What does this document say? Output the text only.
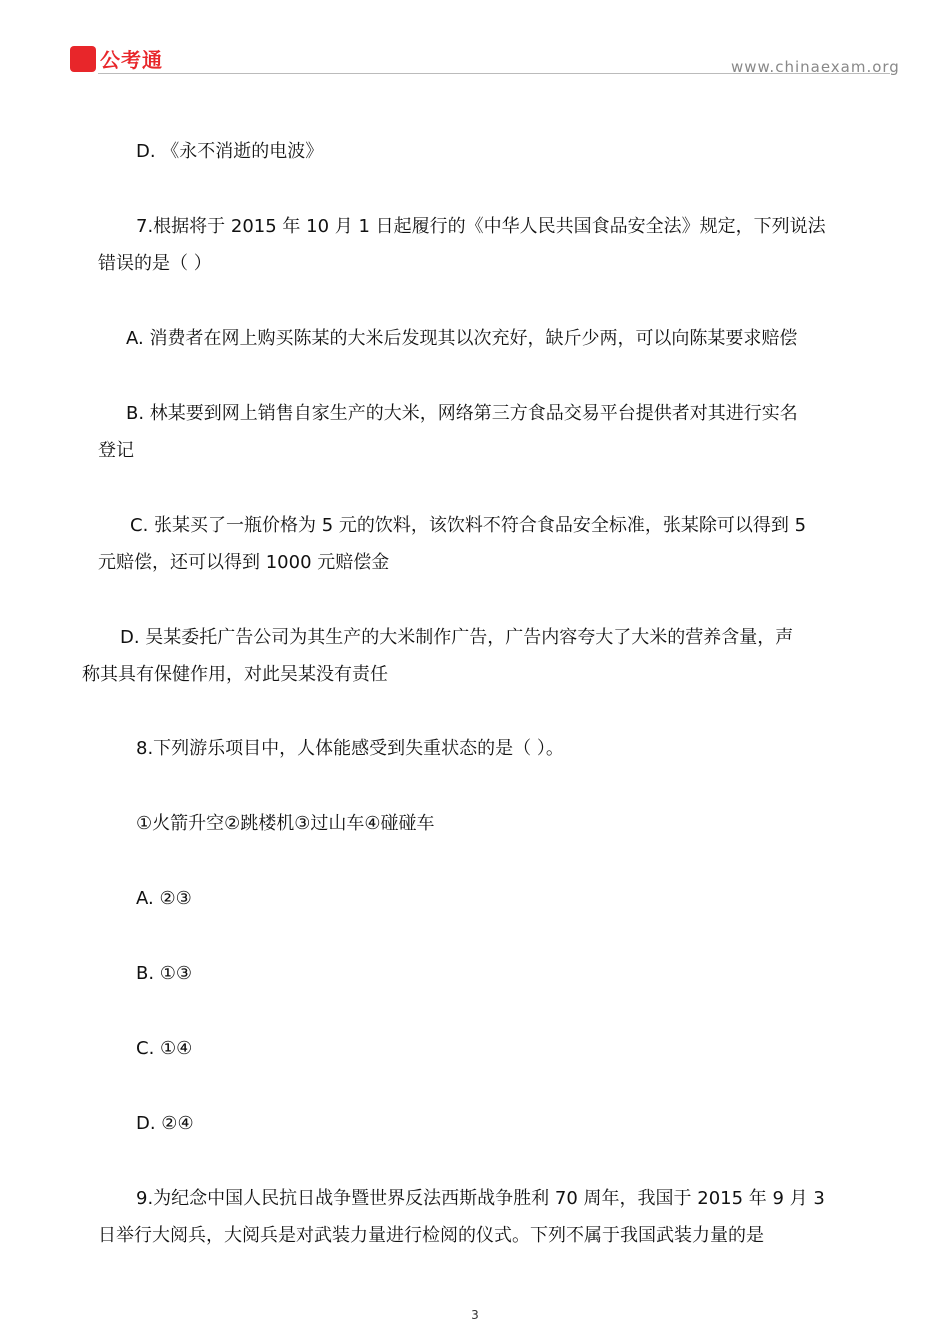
公考通	www.chinaexam.org
D. 《永不消逝的电波》
7.根据将于 2015 年 10 月 1 日起履行的《中华人民共国食品安全法》规定，下列说法
错误的是（ ）
A. 消费者在网上购买陈某的大米后发现其以次充好，缺斤少两，可以向陈某要求赔偿
B. 林某要到网上销售自家生产的大米，网络第三方食品交易平台提供者对其进行实名
登记
C. 张某买了一瓶价格为 5 元的饮料，该饮料不符合食品安全标准，张某除可以得到 5
元赔偿，还可以得到 1000 元赔偿金
D. 吴某委托广告公司为其生产的大米制作广告，广告内容夸大了大米的营养含量，声
称其具有保健作用，对此吴某没有责任
8.下列游乐项目中，人体能感受到失重状态的是（ ）。
①火箭升空②跳楼机③过山车④碰碰车
A. ②③
B. ①③
C. ①④
D. ②④
9.为纪念中国人民抗日战争暨世界反法西斯战争胜利 70 周年，我国于 2015 年 9 月 3
日举行大阅兵，大阅兵是对武装力量进行检阅的仪式。下列不属于我国武装力量的是
3
